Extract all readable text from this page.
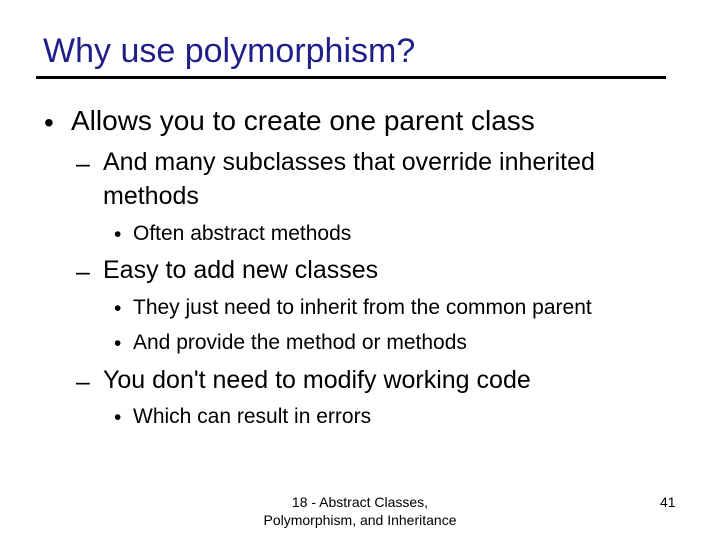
Why use polymorphism?
• Allows you to create one parent class
– And many subclasses that override inherited
methods
• Often abstract methods
– Easy to add new classes
• They just need to inherit from the common parent
• And provide the method or methods
– You don't need to modify working code
• Which can result in errors
18 - Abstract Classes,
Polymorphism, and Inheritance
41
